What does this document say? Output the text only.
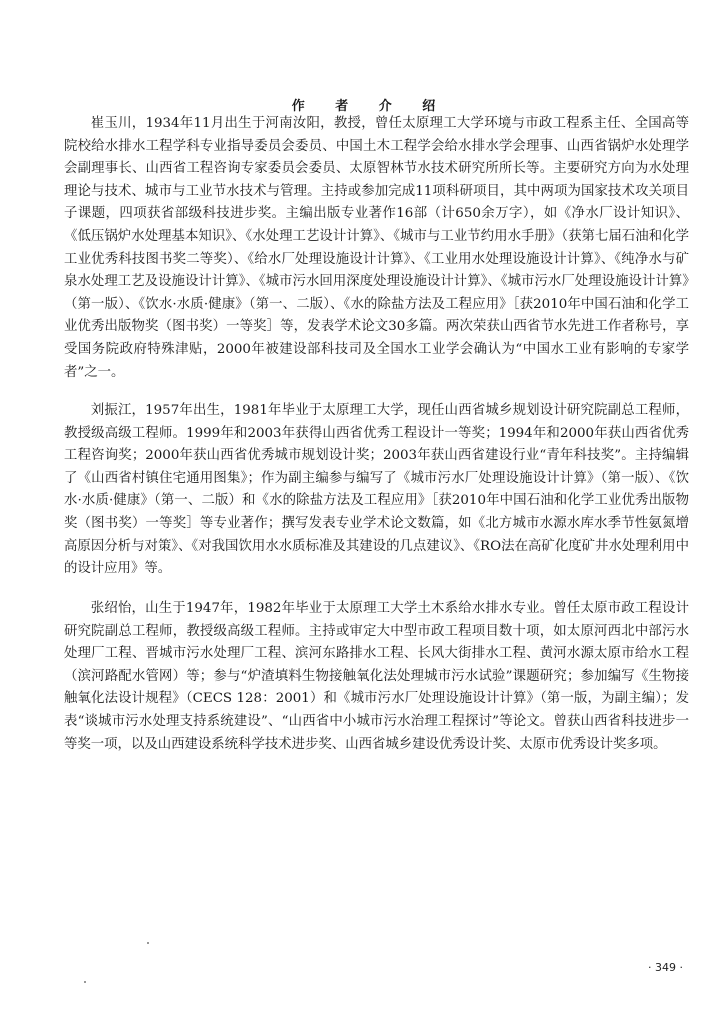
作 者 介 绍

崔玉川，1934年11月出生于河南汝阳，教授，曾任太原理工大学环境与市政工程系主任、全国高等院校给水排水工程学科专业指导委员会委员、中国土木工程学会给水排水学会理事、山西省锅炉水处理学会副理事长、山西省工程咨询专家委员会委员、太原智林节水技术研究所所长等。主要研究方向为水处理理论与技术、城市与工业节水技术与管理。主持或参加完成11项科研项目，其中两项为国家技术攻关项目子课题，四项获省部级科技进步奖。主编出版专业著作16部（计650余万字），如《净水厂设计知识》、《低压锅炉水处理基本知识》、《水处理工艺设计计算》、《城市与工业节约用水手册》（获第七届石油和化学工业优秀科技图书奖二等奖）、《给水厂处理设施设计计算》、《工业用水处理设施设计计算》、《纯净水与矿泉水处理工艺及设施设计计算》、《城市污水回用深度处理设施设计计算》、《城市污水厂处理设施设计计算》（第一版）、《饮水·水质·健康》（第一、二版）、《水的除盐方法及工程应用》［获2010年中国石油和化学工业优秀出版物奖（图书奖）一等奖］等，发表学术论文30多篇。两次荣获山西省节水先进工作者称号，享受国务院政府特殊津贴，2000年被建设部科技司及全国水工业学会确认为“中国水工业有影响的专家学者”之一。

刘振江，1957年出生，1981年毕业于太原理工大学，现任山西省城乡规划设计研究院副总工程师，教授级高级工程师。1999年和2003年获得山西省优秀工程设计一等奖；1994年和2000年获山西省优秀工程咨询奖；2000年获山西省优秀城市规划设计奖；2003年获山西省建设行业“青年科技奖”。主持编辑了《山西省村镇住宅通用图集》；作为副主编参与编写了《城市污水厂处理设施设计计算》（第一版）、《饮水·水质·健康》（第一、二版）和《水的除盐方法及工程应用》［获2010年中国石油和化学工业优秀出版物奖（图书奖）一等奖］等专业著作；撰写发表专业学术论文数篇，如《北方城市水源水库水季节性氨氮增高原因分析与对策》、《对我国饮用水水质标准及其建设的几点建议》、《RO法在高矿化度矿井水处理利用中的设计应用》等。

张绍怡，山生于1947年，1982年毕业于太原理工大学土木系给水排水专业。曾任太原市政工程设计研究院副总工程师，教授级高级工程师。主持或审定大中型市政工程项目数十项，如太原河西北中部污水处理厂工程、晋城市污水处理厂工程、滨河东路排水工程、长风大街排水工程、黄河水源太原市给水工程（滨河路配水管网）等；参与“炉渣填料生物接触氧化法处理城市污水试验”课题研究；参加编写《生物接触氧化法设计规程》（CECS 128：2001）和《城市污水厂处理设施设计计算》（第一版，为副主编）；发表“谈城市污水处理支持系统建设”、“山西省中小城市污水治理工程探讨”等论文。曾获山西省科技进步一等奖一项，以及山西建设系统科学技术进步奖、山西省城乡建设优秀设计奖、太原市优秀设计奖多项。

· 349 ·
